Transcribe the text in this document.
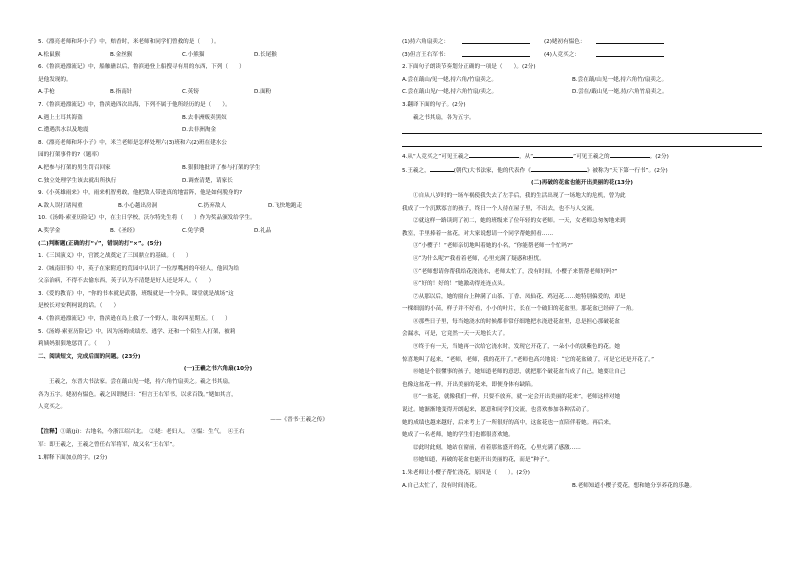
5.《漂亮老师和坏小子》中，赔香时，米老师和同学们曾救的是（　　）。
A.松鼠猴	B.金丝猴	C.小熊猫	D.长尾猴
6.《鲁滨逊漂流记》中，船触礁以后，鲁滨逊登上船搜寻有用的东西，下列（　　）
是他发现的。
A.手枪	B.指南针	C.英镑	D.面粉
7.《鲁滨逊漂流记》中，鲁滨逊四次出海，下列不属于他所经历的是（　　）。
A.遇上土耳其海盗	B.去非洲贩卖黑奴
C.遭遇洪水以及地震	D.去非洲淘金
8.《漂亮老师和坏小子》中，米兰老师是怎样处理六(3)班和六(2)班在建水公
园的打架事件的?（题率）
A.把参与打架的男生罚召回家	B.狠狠地批评了参与打架的学生
C.独立处理学生该去就出所执行	D.调查清楚，请家长
9.《小英雄雨来》中，雨来机智勇敢，他把敌人带进真的地雷阵，他是如何脱身的?
A.敌人误打诸闯重	B.小心越出房洞	C.扔弃敌人	D.飞快地跑走
10.《汤姆·索亚历险记》中，在主日学校，沃尔特先生将（　　）作为奖品颁发给学生。
A.奖学金	B.《圣经》	C.免学费	D.礼品
(二)判断题(正确的打“√”，错误的打“×”。(5分)
1.《三国演义》中，官渡之战奠定了三国鼎立的基础。（　　）
2.《城南旧事》中，英子在家附近的荒园中认识了一位厚嘴唇的年轻人，他因为给
父亲治病，不得不去偷东西，英子认为不清楚是好人还是坏人。（　　）
3.《爱的教育》中，“你的书本就是武器，班级就是一个分队，课堂就是战场”这
是校长对安利柯说的话。（　　）
4.《鲁滨逊漂流记》中，鲁滨逊在岛上救了一个野人，取名叫星期五。（　　）
5.《汤姆·索亚历险记》中，因为汤姆成绩差、逃学、还和一个陌生人打架，被莉
莉姨妈狠狠地惩罚了。（　　）
二、阅读短文，完成后面的问题。(23分)
(一)王羲之书六角扇(10分)
王羲之，东晋大书法家。尝在蕺山见一姥，持六角竹扇卖之。羲之书其扇，
各为五字。姥初有愠色。羲之因谓姥曰：“但言王右军书，以求百钱。”姥如其言，
人竞买之。
——《晋书·王羲之传》
【注释】①蕺(jí)：古地名，今浙江绍兴北。　②姥：老妇人。　③愠：生气。　④王右
军：即王羲之，王羲之曾任右军将军，故又名“王右军”。
1.解释下面加点的字。(2分)
(1)持六角扇卖之：	(2)姥初有愠色：
(3)但言王右军书：	(4)人竞买之：
2.下面句子朗读节奏划分正确的一项是（　　）。(2分)
A.尝在蕺山/见一姥,持六角/竹扇卖之。	B.尝在蕺/山见一姥,持六角竹/扇卖之。
C.尝在蕺山见/一姥,持六角竹扇/卖之。	D.尝在/蕺山见一姥,持/六角竹扇卖之。
3.翻译下面的句子。(2分)
羲之书其扇，各为五字。
4.从“人竞买之”可见王羲之	，从“	”可见王羲之的	。(2分)
5.王羲之，	(朝代)大书法家，他的代表作《	》被称为“天下第一行书”。(2分)
(二)再破的花盆也能开出美丽的花(13分)
①自从八岁时的一场车祸使我失去了左手后，我的生活出现了一场地大的危机，曾为此
我成了一个沉默寡言的孩子，终日一个人待在屋子里，不出去，也不与人交流。
②就这样一路读到了初二，她的班级来了位年轻的女老师。一天，女老师急匆匆地来到
教室，手里捧着一盆花，对大家说想请一个同学帮她照看……
③“小樱子！”老师亲切地叫着她的小名，“你能帮老师一个忙吗?”
④“为什么呢?”我看着老师，心里充满了疑惑和担忧。
⑤“老师想请你帮我给花浇浇水，老师太忙了，没有时间，小樱子来帮帮老师好吗?”
⑥“好的！好的！”她激动得连连点头。
⑦从那以后，她的窗台上种满了山茶、丁香、凤仙花、鸡冠花……她特别偏爱的，却是
一棵细弱的小苗，样子并不好看，小小的叶片，长在一个破旧的花盆里。那花盆已经碎了一角。
⑧那些日子里，每当她浇水的时候都非常仔细地把水浇进花盆里，总是担心那破花盆
会漏水，可是，它竟然一天一天地长大了。
⑨终于有一天，当她再一次给它浇水时，发现它开花了，一朵小小的淡紫色的花。她
惊喜地叫了起来，“老师，老师，我的花开了。”老师也高兴地说：“它的花盆破了，可是它还是开花了。”
⑩她是个很懂事的孩子，她知道老师的意思，就把那个破花盆当成了自己，她要让自己
也像这盆花一样，开出美丽的花来，即便身体有缺陷。
⑪“一盆花，就像我们一样，只要不放弃，就一定会开出美丽的花来”，老师这样对她
说过。她渐渐地变得开朗起来，愿意和同学们交流，也喜欢参加各种活动了。
她的成绩也越来越好，后来考上了一所很好的高中，这盆花也一直陪伴着她。再后来，
她成了一名老师，她的学生们也都很喜欢她。
⑫此时此刻，她站在窗前，看着那盆盛开的花，心里充满了感激……
⑬她知道，再破的花盆也能开出美丽的花，而是“种子”。
1.朱老师让小樱子帮忙浇花，原因是（　　）。(2分)
A.自己太忙了，没有时间浇花。	B.老师知道小樱子爱花，想和她分享养花的乐趣。
